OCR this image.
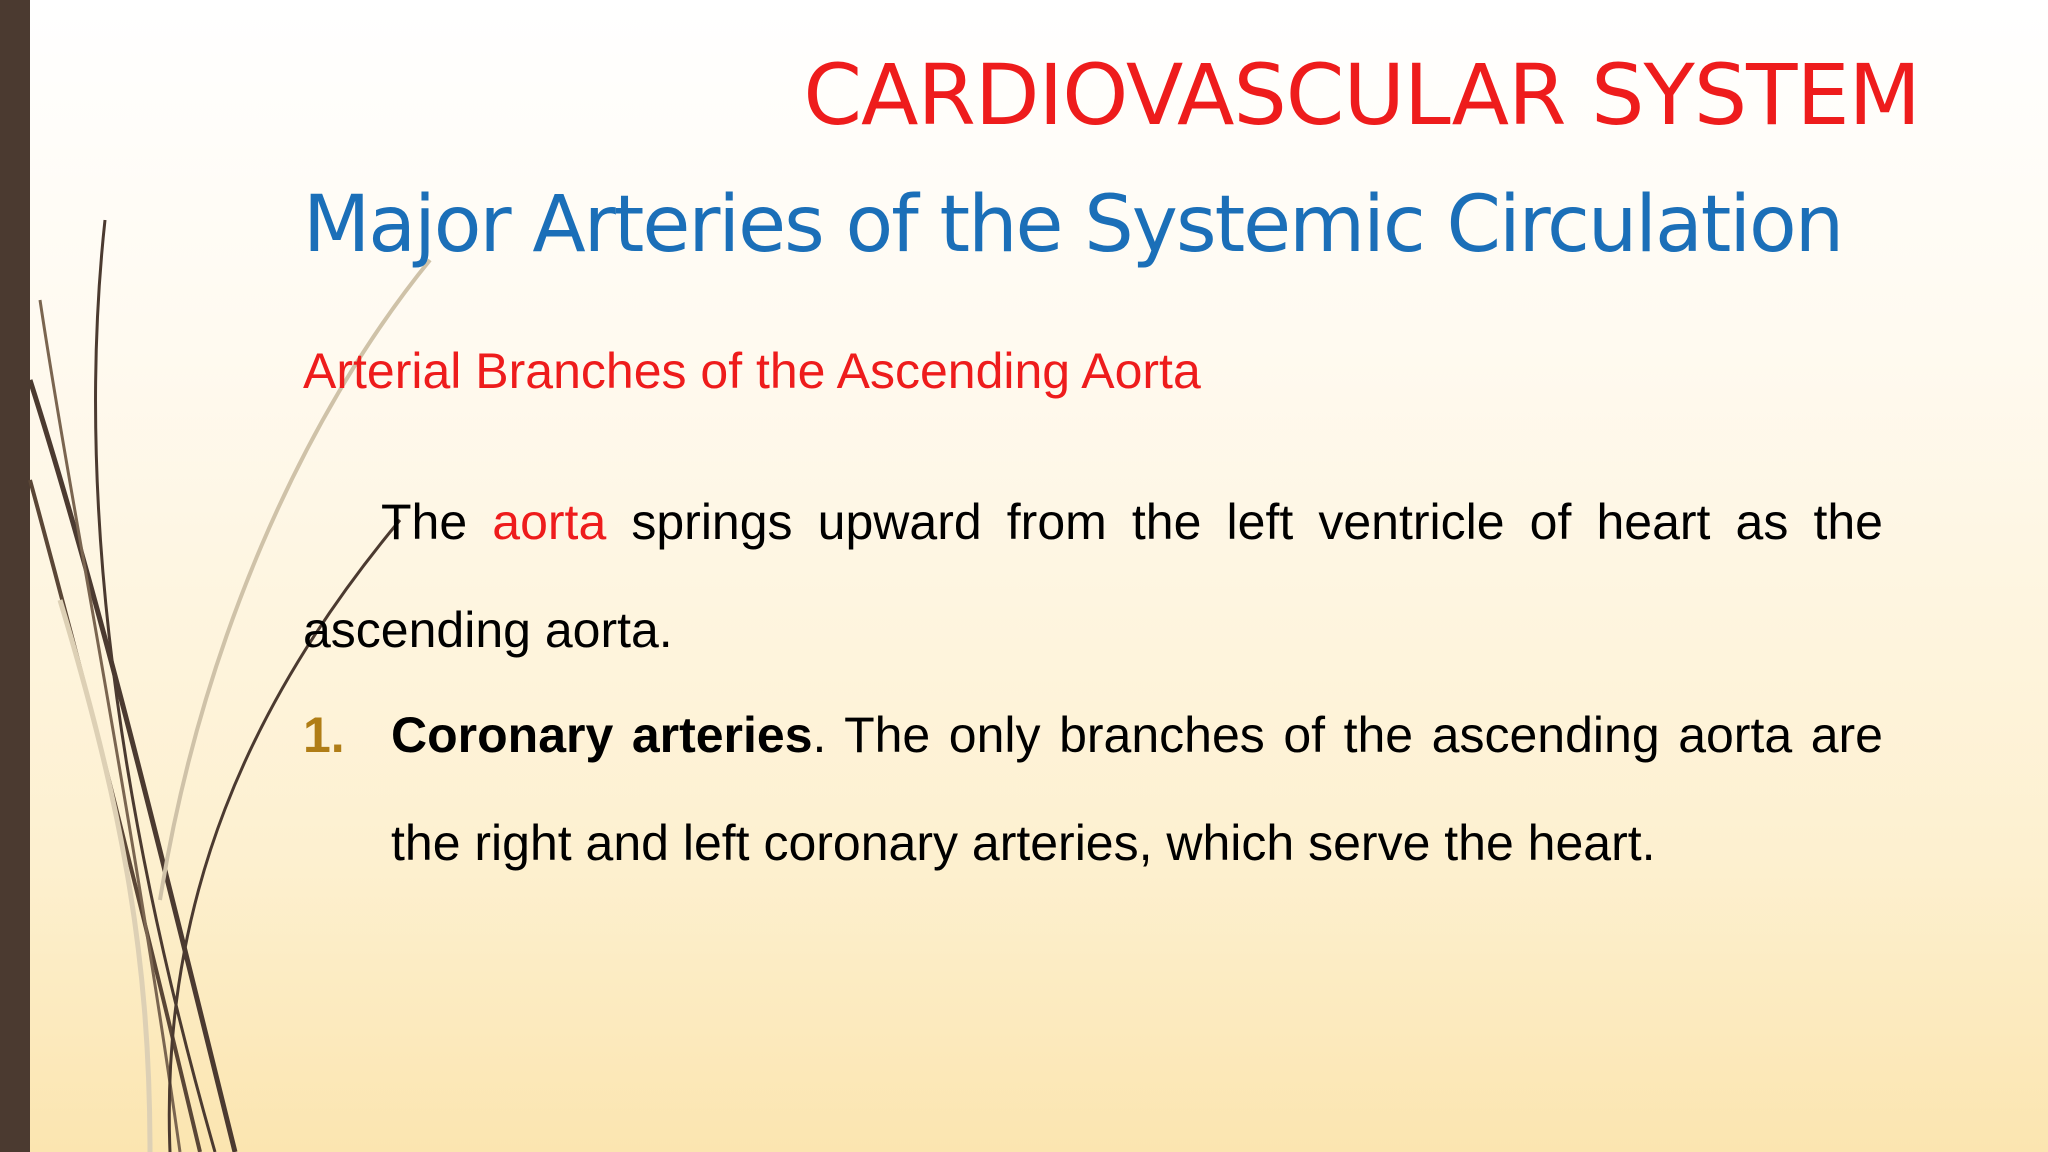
CARDIOVASCULAR SYSTEM
Major Arteries of the Systemic Circulation
Arterial Branches of the Ascending Aorta

The aorta springs upward from the left ventricle of heart as the ascending aorta.

1. Coronary arteries. The only branches of the ascending aorta are the right and left coronary arteries, which serve the heart.
